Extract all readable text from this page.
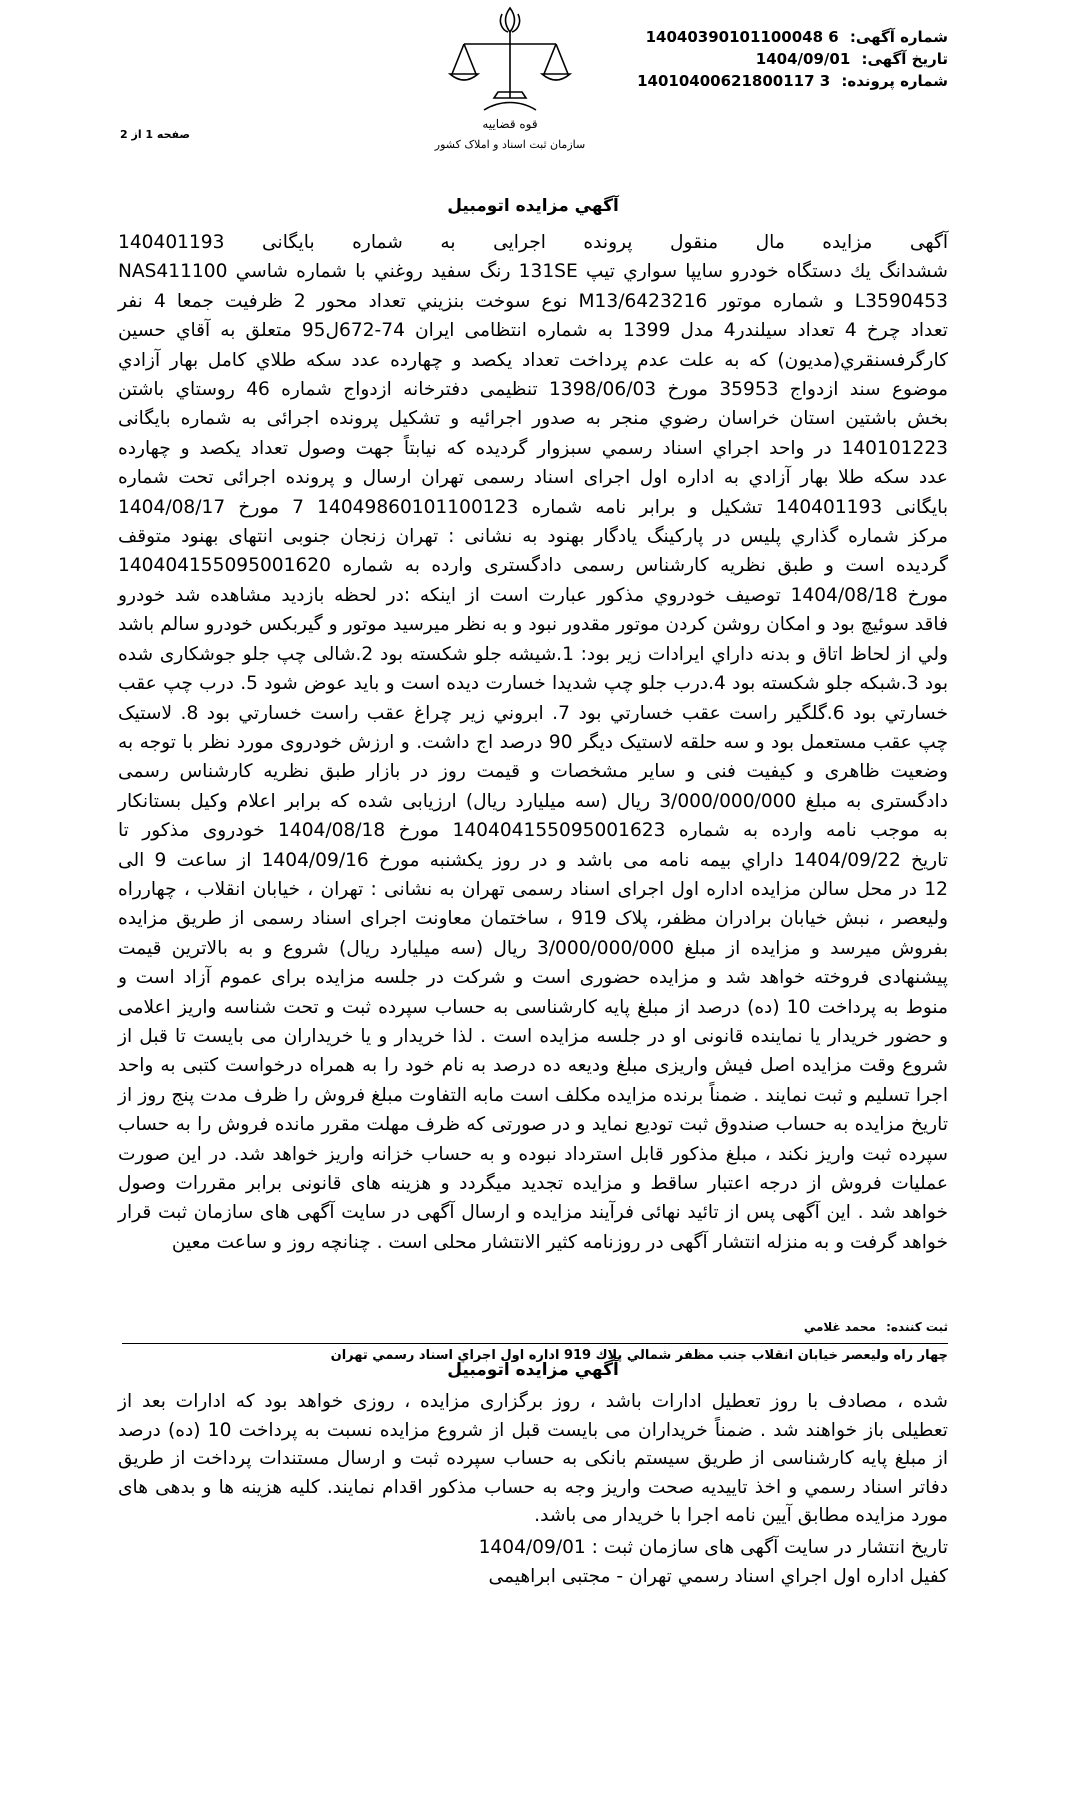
شماره آگهی: 14040390101100048 6
تاريخ آگهی: 1404/09/01
شماره پرونده: 14010400621800117 3
قوه قضاييه
سازمان ثبت اسناد و املاک کشور
صفحه 1 از 2
آگهي مزايده اتومبيل
آگهی مزایده مال منقول پرونده اجرایی به شماره بایگانی 140401193
ششدانگ يك دستگاه خودرو سايپا سواري تيپ 131SE رنگ سفيد روغني با شماره شاسي NAS411100
L3590453 و شماره موتور M13/6423216 نوع سوخت بنزيني تعداد محور 2 ظرفيت جمعا 4 نفر
تعداد چرخ 4 تعداد سيلندر4 مدل 1399 به شماره انتظامی ايران 74-672ل95 متعلق به آقاي حسين
كارگرفسنقري(مديون) كه به علت عدم پرداخت تعداد يكصد و چهارده عدد سكه طلاي كامل بهار آزادي
موضوع سند ازدواج 35953 مورخ 1398/06/03 تنظيمی دفترخانه ازدواج شماره 46 روستاي باشتن
بخش باشتين استان خراسان رضوي منجر به صدور اجرائيه و تشكيل پرونده اجرائی به شماره بايگانی
140101223 در واحد اجراي اسناد رسمي سبزوار گرديده كه نيابتاً جهت وصول تعداد يكصد و چهارده
عدد سكه طلا بهار آزادي به اداره اول اجرای اسناد رسمی تهران ارسال و پرونده اجرائی تحت شماره
بايگانی 140401193 تشكيل و برابر نامه شماره 14049860101100123 7 مورخ 1404/08/17
مركز شماره گذاري پليس در پاركينگ يادگار بهنود به نشانی : تهران زنجان جنوبی انتهای بهنود متوقف
گرديده است و طبق نظريه كارشناس رسمی دادگستری وارده به شماره 140404155095001620
مورخ 1404/08/18 توصيف خودروي مذكور عبارت است از اينكه :در لحظه بازديد مشاهده شد خودرو
فاقد سوئيچ بود و امكان روشن كردن موتور مقدور نبود و به نظر ميرسيد موتور و گيربكس خودرو سالم باشد
ولي از لحاظ اتاق و بدنه داراي ايرادات زير بود: 1.شيشه جلو شكسته بود 2.شالی چپ جلو جوشكاری شده
بود 3.شبكه جلو شكسته بود 4.درب جلو چپ شديدا خسارت ديده است و بايد عوض شود 5. درب چپ عقب
خسارتي بود 6.گلگير راست عقب خسارتي بود 7. ابروني زير چراغ عقب راست خسارتي بود 8. لاستيک
چپ عقب مستعمل بود و سه حلقه لاستيک ديگر 90 درصد اج داشت. و ارزش خودروی مورد نظر با توجه به
وضعيت ظاهری و کيفيت فنی و ساير مشخصات و قيمت روز در بازار طبق نظريه كارشناس رسمی
دادگستری به مبلغ 3/000/000/000 ريال (سه ميليارد ريال) ارزيابی شده كه برابر اعلام وكيل بستانكار
به موجب نامه وارده به شماره 140404155095001623 مورخ 1404/08/18 خودروی مذكور تا
تاريخ 1404/09/22 داراي بيمه نامه می باشد و در روز يكشنبه مورخ 1404/09/16 از ساعت 9 الی
12 در محل سالن مزايده اداره اول اجرای اسناد رسمی تهران به نشانی : تهران ، خيابان انقلاب ، چهارراه
وليعصر ، نبش خيابان برادران مظفر، پلاک 919 ، ساختمان معاونت اجرای اسناد رسمی از طريق مزايده
بفروش ميرسد و مزايده از مبلغ 3/000/000/000 ريال (سه ميليارد ريال) شروع و به بالاترين قيمت
پيشنهادی فروخته خواهد شد و مزايده حضوری است و شرکت در جلسه مزايده برای عموم آزاد است و
منوط به پرداخت 10 (ده) درصد از مبلغ پايه كارشناسی به حساب سپرده ثبت و تحت شناسه واريز اعلامی
و حضور خريدار يا نماينده قانونی او در جلسه مزايده است . لذا خريدار و يا خريداران می بايست تا قبل از
شروع وقت مزايده اصل فيش واريزی مبلغ وديعه ده درصد به نام خود را به همراه درخواست كتبی به واحد
اجرا تسليم و ثبت نمايند . ضمناً برنده مزايده مكلف است مابه التفاوت مبلغ فروش را ظرف مدت پنج روز از
تاريخ مزايده به حساب صندوق ثبت توديع نمايد و در صورتی كه ظرف مهلت مقرر مانده فروش را به حساب
سپرده ثبت واريز نكند ، مبلغ مذكور قابل استرداد نبوده و به حساب خزانه واريز خواهد شد. در اين صورت
عمليات فروش از درجه اعتبار ساقط و مزايده تجديد ميگردد و هزينه های قانونی برابر مقررات وصول
خواهد شد . اين آگهی پس از تائيد نهائی فرآيند مزايده و ارسال آگهی در سايت آگهی های سازمان ثبت قرار
خواهد گرفت و به منزله انتشار آگهی در روزنامه كثير الانتشار محلی است . چنانچه روز و ساعت معين
ثبت كننده: محمد غلامي
چهار راه وليعصر خيابان انقلاب جنب مظفر شمالي پلاك 919 اداره اول اجراي اسناد رسمي تهران
آگهي مزايده اتومبيل
شده ، مصادف با روز تعطيل ادارات باشد ، روز برگزاری مزايده ، روزی خواهد بود كه ادارات بعد از
تعطيلی باز خواهند شد . ضمناً خريداران می بايست قبل از شروع مزايده نسبت به پرداخت 10 (ده) درصد
از مبلغ پايه كارشناسی از طريق سيستم بانكی به حساب سپرده ثبت و ارسال مستندات پرداخت از طريق
دفاتر اسناد رسمي و اخذ تاييديه صحت واريز وجه به حساب مذكور اقدام نمايند. كليه هزينه ها و بدهی های
مورد مزايده مطابق آيين نامه اجرا با خريدار می باشد.
تاريخ انتشار در سايت آگهی های سازمان ثبت : 1404/09/01
كفيل اداره اول اجراي اسناد رسمي تهران - مجتبی ابراهيمی
